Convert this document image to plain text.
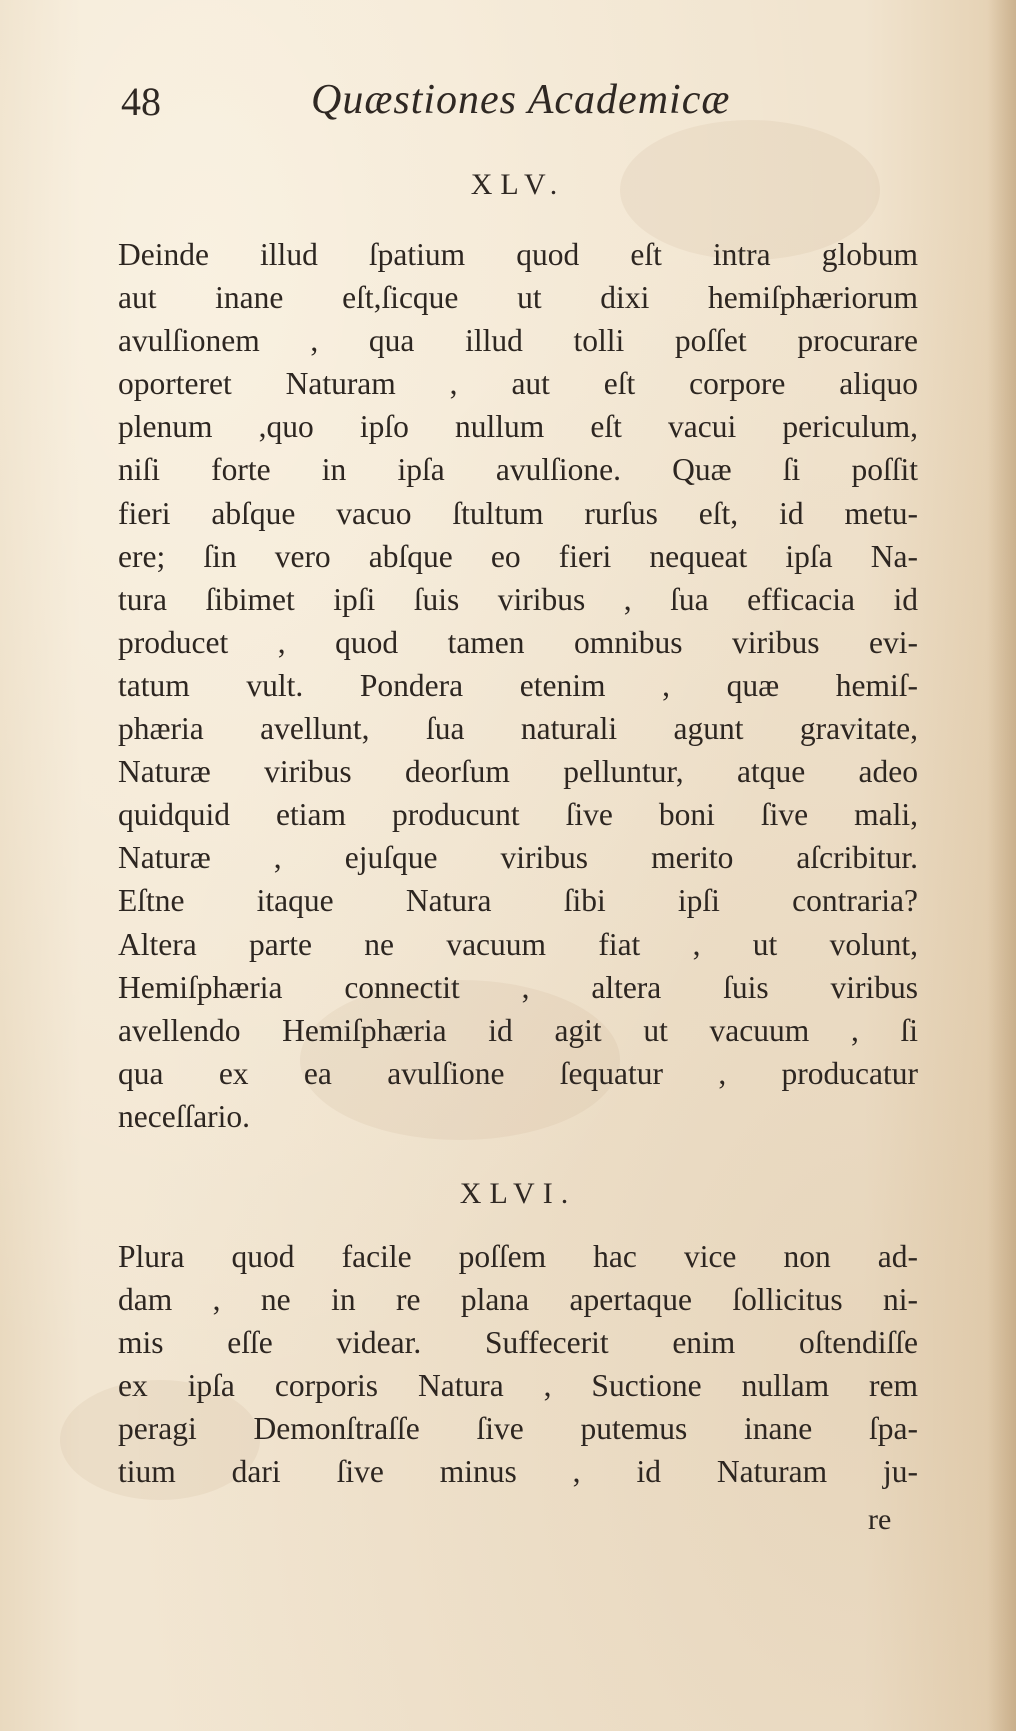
48	Quæstiones Academicæ
XLV.
Deinde illud ſpatium quod eſt intra globum
aut inane eſt,ſicque ut dixi hemiſphæriorum
avulſionem , qua illud tolli poſſet procurare
oporteret Naturam , aut eſt corpore aliquo
plenum ,quo ipſo nullum eſt vacui periculum,
niſi forte in ipſa avulſione. Quæ ſi poſſit
fieri abſque vacuo ſtultum rurſus eſt, id metu-
ere; ſin vero abſque eo fieri nequeat ipſa Na-
tura ſibimet ipſi ſuis viribus , ſua efficacia id
producet , quod tamen omnibus viribus evi-
tatum vult. Pondera etenim , quæ hemiſ-
phæria avellunt, ſua naturali agunt gravitate,
Naturæ viribus deorſum pelluntur, atque adeo
quidquid etiam producunt ſive boni ſive mali,
Naturæ , ejuſque viribus merito aſcribitur.
Eſtne itaque Natura ſibi ipſi contraria?
Altera parte ne vacuum fiat , ut volunt,
Hemiſphæria connectit , altera ſuis viribus
avellendo Hemiſphæria id agit ut vacuum , ſi
qua ex ea avulſione ſequatur , producatur
neceſſario.
XLVI.
Plura quod facile poſſem hac vice non ad-
dam , ne in re plana apertaque ſollicitus ni-
mis eſſe videar. Suffecerit enim oſtendiſſe
ex ipſa corporis Natura , Suctione nullam rem
peragi Demonſtraſſe ſive putemus inane ſpa-
tium dari ſive minus , id Naturam ju-
re
